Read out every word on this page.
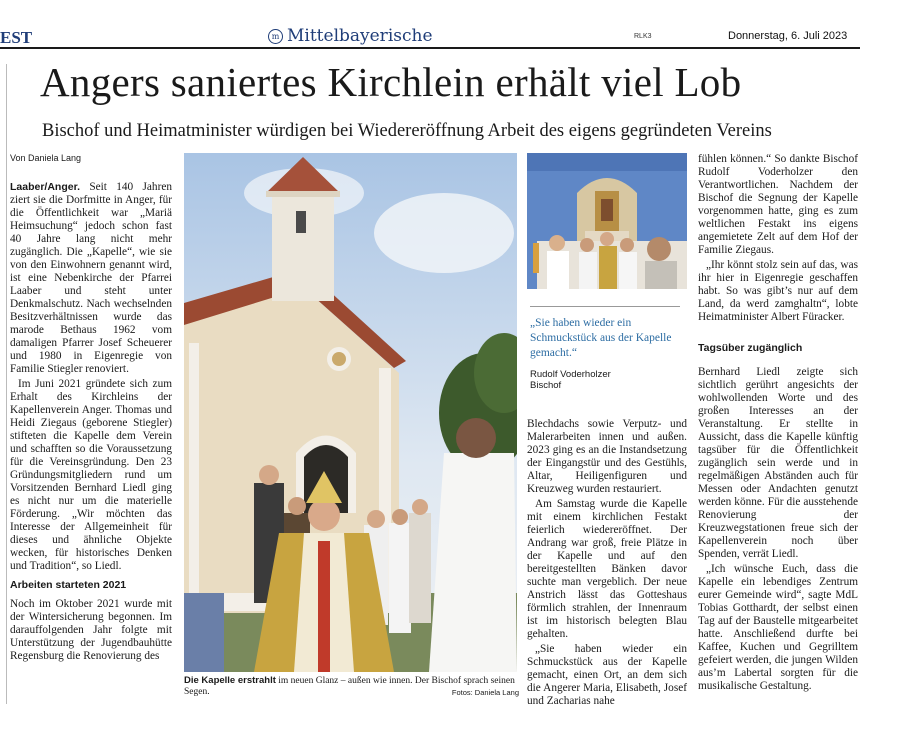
EST	m Mittelbayerische	RLK3	Donnerstag, 6. Juli 2023
Angers saniertes Kirchlein erhält viel Lob
Bischof und Heimatminister würdigen bei Wiedereröffnung Arbeit des eigens gegründeten Vereins
Von Daniela Lang

Laaber/Anger. Seit 140 Jahren ziert sie die Dorfmitte in Anger, für die Öffentlichkeit war „Mariä Heimsuchung“ jedoch schon fast 40 Jahre lang nicht mehr zugänglich. Die „Kapelle“, wie sie von den Einwohnern genannt wird, ist eine Nebenkirche der Pfarrei Laaber und steht unter Denkmalschutz. Nach wechselnden Besitzverhältnissen wurde das marode Bethaus 1962 vom damaligen Pfarrer Josef Scheuerer und 1980 in Eigenregie von Familie Stiegler renoviert.

Im Juni 2021 gründete sich zum Erhalt des Kirchleins der Kapellenverein Anger. Thomas und Heidi Ziegaus (geborene Stiegler) stifteten die Kapelle dem Verein und schafften so die Voraussetzung für die Vereinsgründung. Den 23 Gründungsmitgliedern rund um Vorsitzenden Bernhard Liedl ging es nicht nur um die materielle Förderung. „Wir möchten das Interesse der Allgemeinheit für dieses und ähnliche Objekte wecken, für historisches Denken und Tradition“, so Liedl.

Arbeiten starteten 2021

Noch im Oktober 2021 wurde mit der Wintersicherung begonnen. Im darauffolgenden Jahr folgte mit Unterstützung der Jugendbauhütte Regensburg die Renovierung des

Die Kapelle erstrahlt im neuen Glanz – außen wie innen. Der Bischof sprach seinen Segen.	Fotos: Daniela Lang
„Sie haben wieder ein Schmuckstück aus der Kapelle gemacht.“
Rudolf Voderholzer
Bischof

Blechdachs sowie Verputz- und Malerarbeiten innen und außen. 2023 ging es an die Instandsetzung der Eingangstür und des Gestühls, Altar, Heiligenfiguren und Kreuzweg wurden restauriert.

Am Samstag wurde die Kapelle mit einem kirchlichen Festakt feierlich wiedereröffnet. Der Andrang war groß, freie Plätze in der Kapelle und auf den bereitgestellten Bänken davor suchte man vergeblich. Der neue Anstrich lässt das Gotteshaus förmlich strahlen, der Innenraum ist im historisch belegten Blau gehalten.

„Sie haben wieder ein Schmuckstück aus der Kapelle gemacht, einen Ort, an dem sich die Angerer Maria, Elisabeth, Josef und Zacharias nahe

fühlen können.“ So dankte Bischof Rudolf Voderholzer den Verantwortlichen. Nachdem der Bischof die Segnung der Kapelle vorgenommen hatte, ging es zum weltlichen Festakt ins eigens angemietete Zelt auf dem Hof der Familie Ziegaus.

„Ihr könnt stolz sein auf das, was ihr hier in Eigenregie geschaffen habt. So was gibt’s nur auf dem Land, da werd zamghaltn“, lobte Heimatminister Albert Füracker.

Tagsüber zugänglich

Bernhard Liedl zeigte sich sichtlich gerührt angesichts der wohlwollenden Worte und des großen Interesses an der Veranstaltung. Er stellte in Aussicht, dass die Kapelle künftig tagsüber für die Öffentlichkeit zugänglich sein werde und in regelmäßigen Abständen auch für Messen oder Andachten genutzt werden könne. Für die ausstehende Renovierung der Kreuzwegstationen freue sich der Kapellenverein noch über Spenden, verrät Liedl.

„Ich wünsche Euch, dass die Kapelle ein lebendiges Zentrum eurer Gemeinde wird“, sagte MdL Tobias Gotthardt, der selbst einen Tag auf der Baustelle mitgearbeitet hatte. Anschließend durfte bei Kaffee, Kuchen und Gegrilltem gefeiert werden, die jungen Wilden aus’m Labertal sorgten für die musikalische Gestaltung.
